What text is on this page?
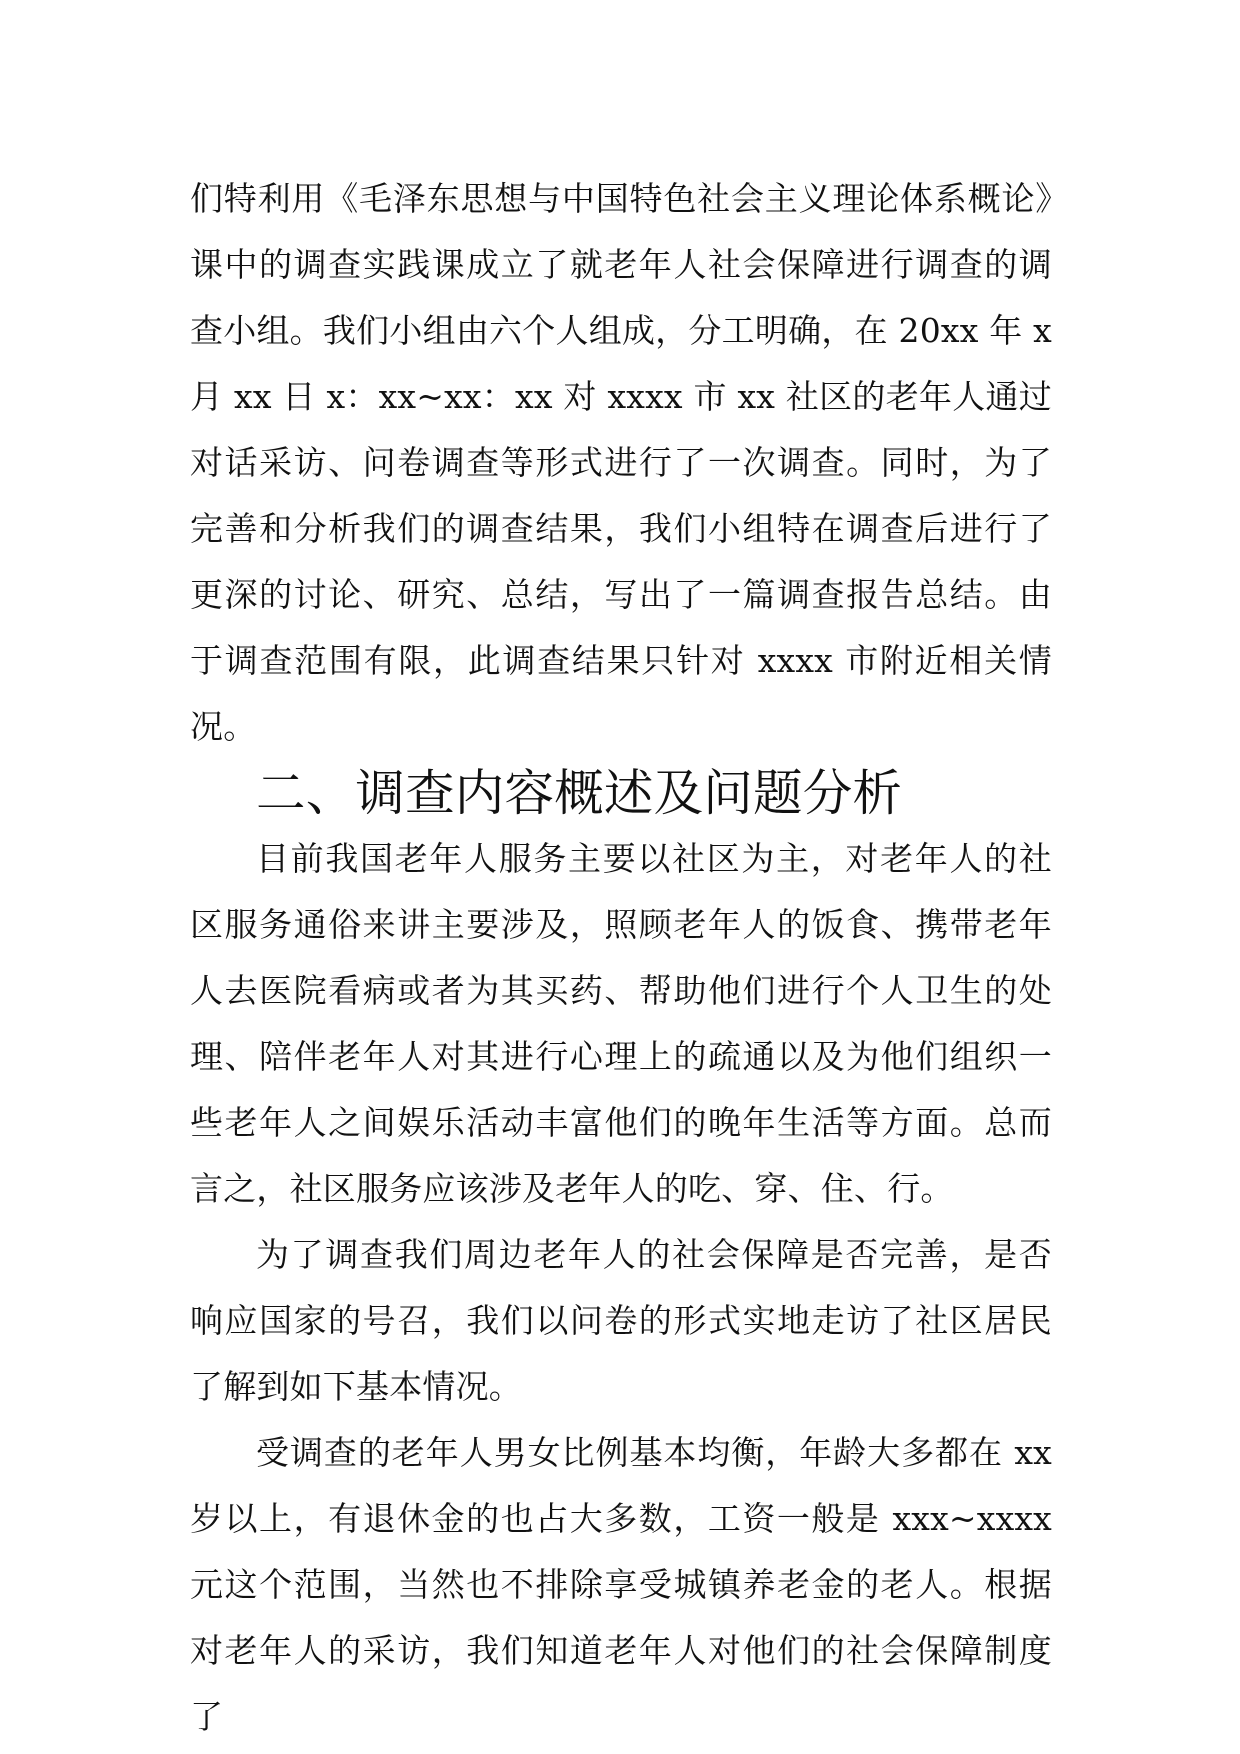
们特利用《毛泽东思想与中国特色社会主义理论体系概论》课中的调查实践课成立了就老年人社会保障进行调查的调查小组。我们小组由六个人组成，分工明确，在 20xx 年 x 月 xx 日 x：xx~xx：xx 对 xxxx 市 xx 社区的老年人通过对话采访、问卷调查等形式进行了一次调查。同时，为了完善和分析我们的调查结果，我们小组特在调查后进行了更深的讨论、研究、总结，写出了一篇调查报告总结。由于调查范围有限，此调查结果只针对 xxxx 市附近相关情况。

二、调查内容概述及问题分析

目前我国老年人服务主要以社区为主，对老年人的社区服务通俗来讲主要涉及，照顾老年人的饭食、携带老年人去医院看病或者为其买药、帮助他们进行个人卫生的处理、陪伴老年人对其进行心理上的疏通以及为他们组织一些老年人之间娱乐活动丰富他们的晚年生活等方面。总而言之，社区服务应该涉及老年人的吃、穿、住、行。

为了调查我们周边老年人的社会保障是否完善，是否响应国家的号召，我们以问卷的形式实地走访了社区居民了解到如下基本情况。

受调查的老年人男女比例基本均衡，年龄大多都在 xx 岁以上，有退休金的也占大多数，工资一般是 xxx~xxxx 元这个范围，当然也不排除享受城镇养老金的老人。根据对老年人的采访，我们知道老年人对他们的社会保障制度了
